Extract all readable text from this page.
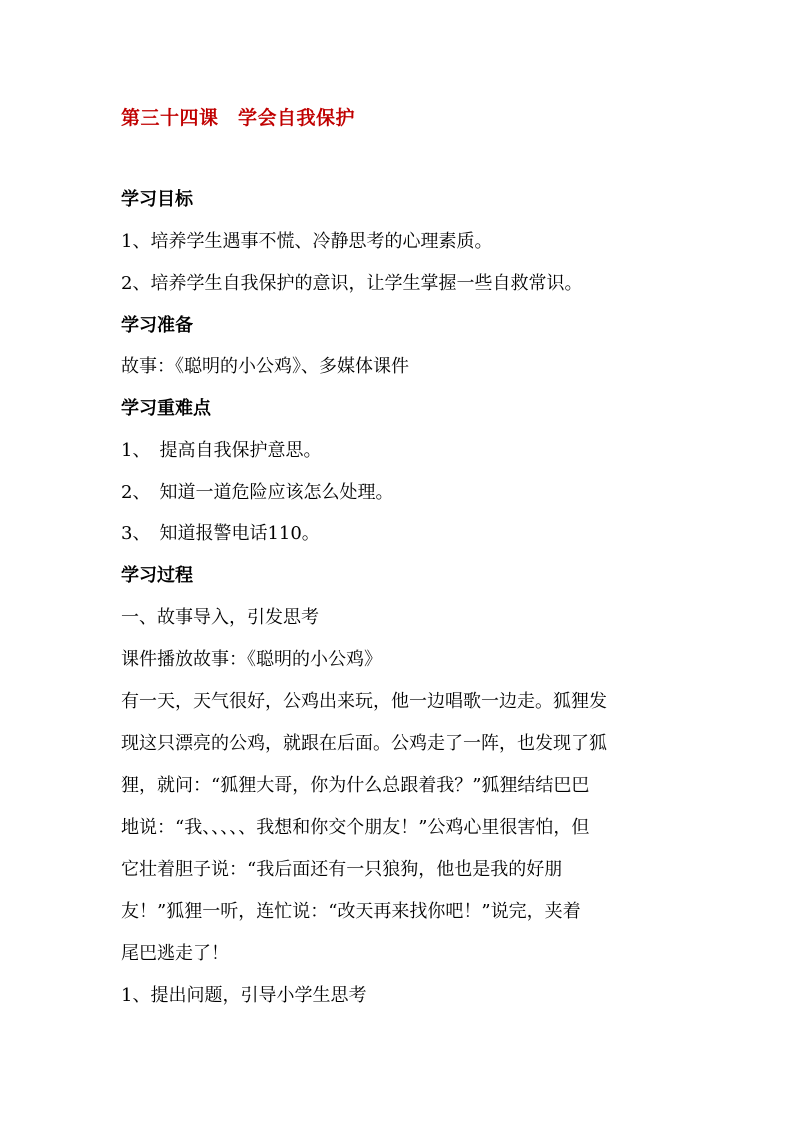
第三十四课　学会自我保护
学习目标
1、培养学生遇事不慌、冷静思考的心理素质。
2、培养学生自我保护的意识，让学生掌握一些自救常识。
学习准备
故事：《聪明的小公鸡》、多媒体课件
学习重难点
1、　提高自我保护意思。
2、　知道一道危险应该怎么处理。
3、　知道报警电话110。
学习过程
一、故事导入，引发思考
课件播放故事：《聪明的小公鸡》
有一天，天气很好，公鸡出来玩，他一边唱歌一边走。狐狸发
现这只漂亮的公鸡，就跟在后面。公鸡走了一阵，也发现了狐
狸，就问：“狐狸大哥，你为什么总跟着我？”狐狸结结巴巴
地说：“我、、、、、我想和你交个朋友！”公鸡心里很害怕，但
它壮着胆子说：“我后面还有一只狼狗，他也是我的好朋
友！”狐狸一听，连忙说：“改天再来找你吧！”说完，夹着
尾巴逃走了！
1、提出问题，引导小学生思考
